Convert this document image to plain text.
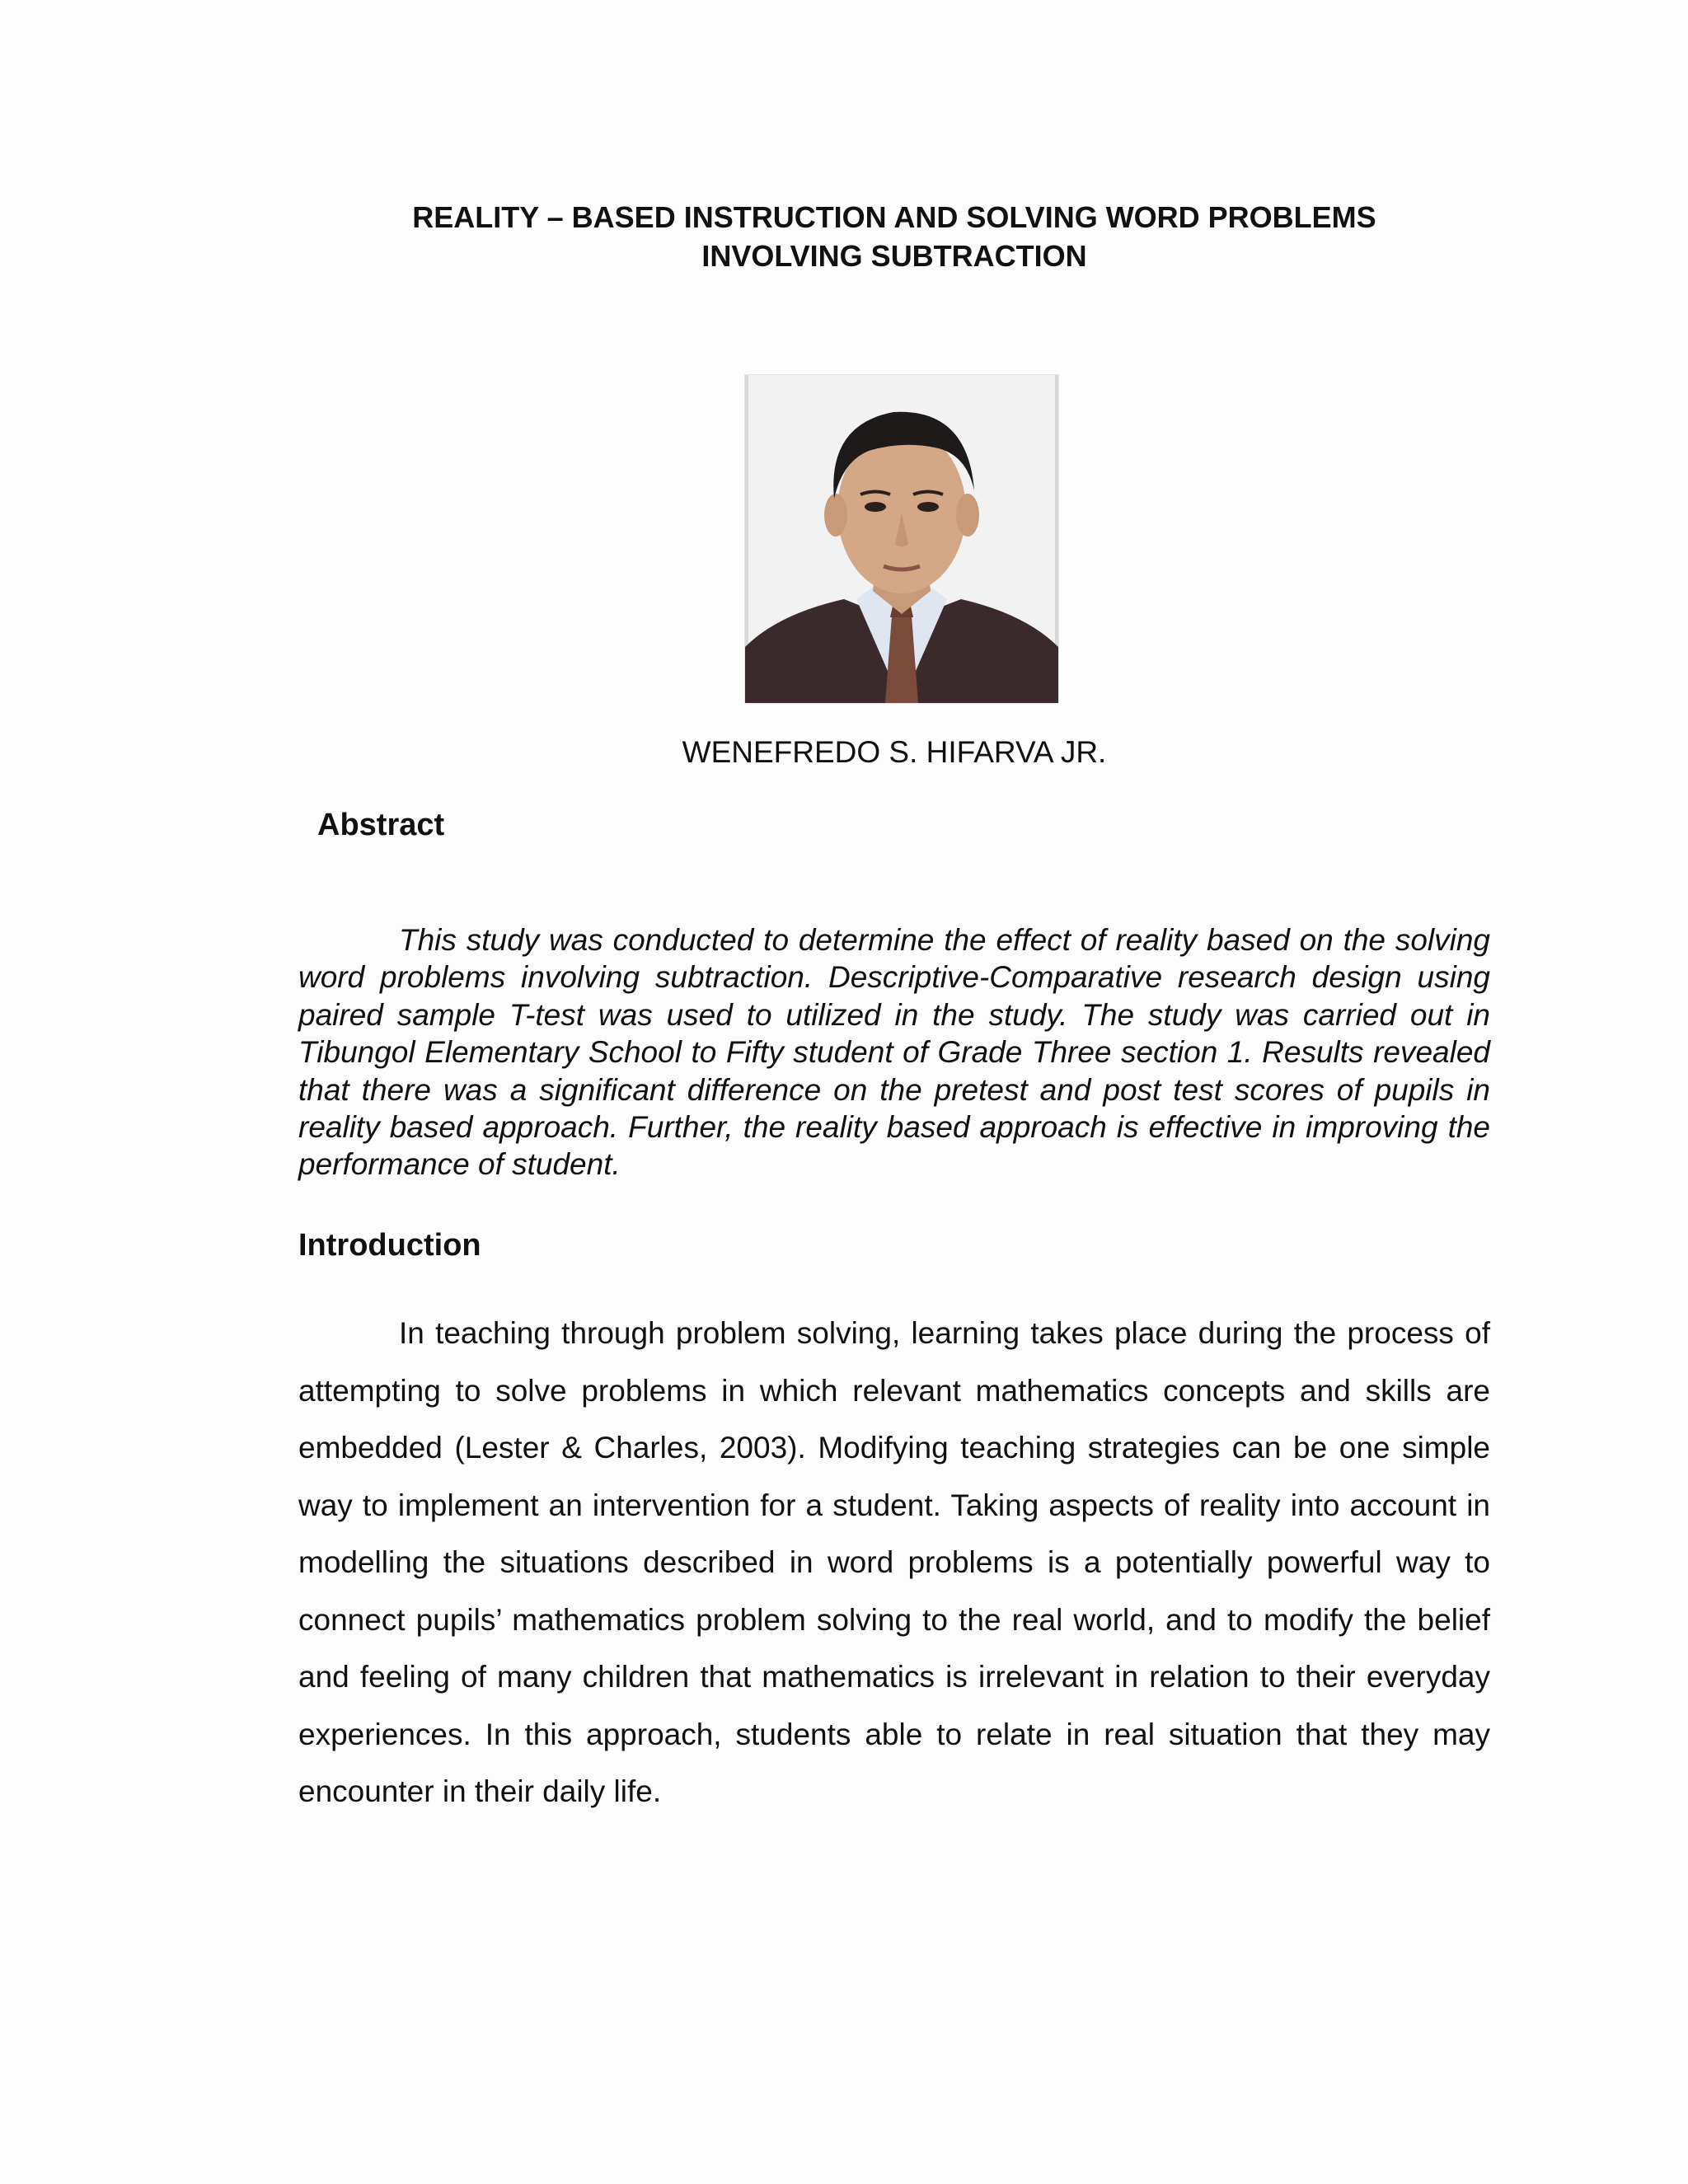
REALITY – BASED INSTRUCTION AND SOLVING WORD PROBLEMS
INVOLVING SUBTRACTION
WENEFREDO S. HIFARVA JR.
Abstract

This study was conducted to determine the effect of reality based on the solving word problems involving subtraction. Descriptive-Comparative research design using paired sample T-test was used to utilized in the study. The study was carried out in Tibungol Elementary School to Fifty student of Grade Three section 1. Results revealed that there was a significant difference on the pretest and post test scores of pupils in reality based approach. Further, the reality based approach is effective in improving the performance of student.

Introduction

In teaching through problem solving, learning takes place during the process of attempting to solve problems in which relevant mathematics concepts and skills are embedded (Lester & Charles, 2003). Modifying teaching strategies can be one simple way to implement an intervention for a student. Taking aspects of reality into account in modelling the situations described in word problems is a potentially powerful way to connect pupils’ mathematics problem solving to the real world, and to modify the belief and feeling of many children that mathematics is irrelevant in relation to their everyday experiences. In this approach, students able to relate in real situation that they may encounter in their daily life.
